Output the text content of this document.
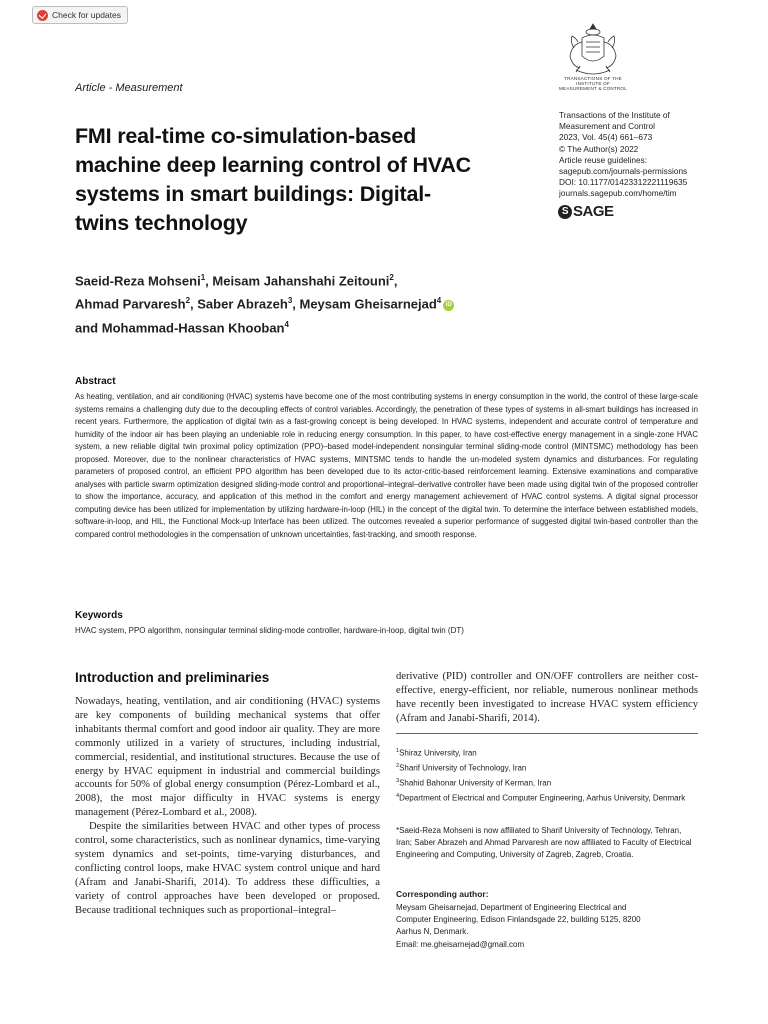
Check for updates
TRANSACTIONS OF THE
INSTITUTE OF
MEASUREMENT & CONTROL
Article - Measurement
Transactions of the Institute of
Measurement and Control
2023, Vol. 45(4) 661–673
© The Author(s) 2022
Article reuse guidelines:
sagepub.com/journals-permissions
DOI: 10.1177/01423312221119635
journals.sagepub.com/home/tim
S SAGE
FMI real-time co-simulation-based machine deep learning control of HVAC systems in smart buildings: Digital-twins technology
Saeid-Reza Mohseni$^1$, Meisam Jahanshahi Zeitouni$^2$,
Ahmad Parvaresh$^2$, Saber Abrazeh$^3$, Meysam Gheisarnejad$^4$ iD
and Mohammad-Hassan Khooban$^4$
Abstract
As heating, ventilation, and air conditioning (HVAC) systems have become one of the most contributing systems in energy consumption in the world, the control of these large-scale systems remains a challenging duty due to the decoupling effects of control variables. Accordingly, the penetration of these types of systems in all-smart buildings has increased in recent years. Furthermore, the application of digital twin as a fast-growing concept is being developed. In HVAC systems, independent and accurate control of temperature and humidity of the indoor air has been playing an undeniable role in reducing energy consumption. In this paper, to have cost-effective energy management in a single-zone HVAC system, a new reliable digital twin proximal policy optimization (PPO)–based model-independent nonsingular terminal sliding-mode control (MINTSMC) methodology has been proposed. Moreover, due to the nonlinear characteristics of HVAC systems, MINTSMC tends to handle the un-modeled system dynamics and disturbances. For regulating parameters of proposed control, an efficient PPO algorithm has been developed due to its actor-critic-based reinforcement learning. Extensive examinations and comparative analyses with particle swarm optimization designed sliding-mode control and proportional–integral–derivative controller have been made using digital twin of the proposed controller to show the importance, accuracy, and application of this method in the comfort and energy management achievement of HVAC control systems. A digital signal processor computing device has been utilized for implementation by utilizing hardware-in-loop (HIL) in the concept of the digital twin. To determine the interface between established models, software-in-loop, and HIL, the Functional Mock-up Interface has been utilized. The outcomes revealed a superior performance of suggested digital twin-based controller than the compared control methodologies in the compensation of unknown uncertainties, fast-tracking, and smooth response.
Keywords
HVAC system, PPO algorithm, nonsingular terminal sliding-mode controller, hardware-in-loop, digital twin (DT)
Introduction and preliminaries

Nowadays, heating, ventilation, and air conditioning (HVAC) systems are key components of building mechanical systems that offer inhabitants thermal comfort and good indoor air quality. They are more commonly utilized in a variety of structures, including industrial, commercial, residential, and institutional structures. Because the use of energy by HVAC equipment in industrial and commercial buildings accounts for 50% of global energy consumption (Pérez-Lombard et al., 2008), the most major difficulty in HVAC systems is energy management (Pérez-Lombard et al., 2008).

Despite the similarities between HVAC and other types of process control, some characteristics, such as nonlinear dynamics, time-varying system dynamics and set-points, time-varying disturbances, and conflicting control loops, make HVAC system control unique and hard (Afram and Janabi-Sharifi, 2014). To address these difficulties, a variety of control approaches have been developed or proposed. Because traditional techniques such as proportional–integral–

derivative (PID) controller and ON/OFF controllers are neither cost-effective, energy-efficient, nor reliable, numerous nonlinear methods have recently been investigated to increase HVAC system efficiency (Afram and Janabi-Sharifi, 2014).

$^1$Shiraz University, Iran
$^2$Sharif University of Technology, Iran
$^3$Shahid Bahonar University of Kerman, Iran
$^4$Department of Electrical and Computer Engineering, Aarhus University, Denmark
*Saeid-Reza Mohseni is now affiliated to Sharif University of Technology, Tehran, Iran; Saber Abrazeh and Ahmad Parvaresh are now affiliated to Faculty of Electrical Engineering and Computing, University of Zagreb, Zagreb, Croatia.
Corresponding author:
Meysam Gheisarnejad, Department of Engineering Electrical and
Computer Engineering, Edison Finlandsgade 22, building 5125, 8200
Aarhus N, Denmark.
Email: me.gheisarnejad@gmail.com
